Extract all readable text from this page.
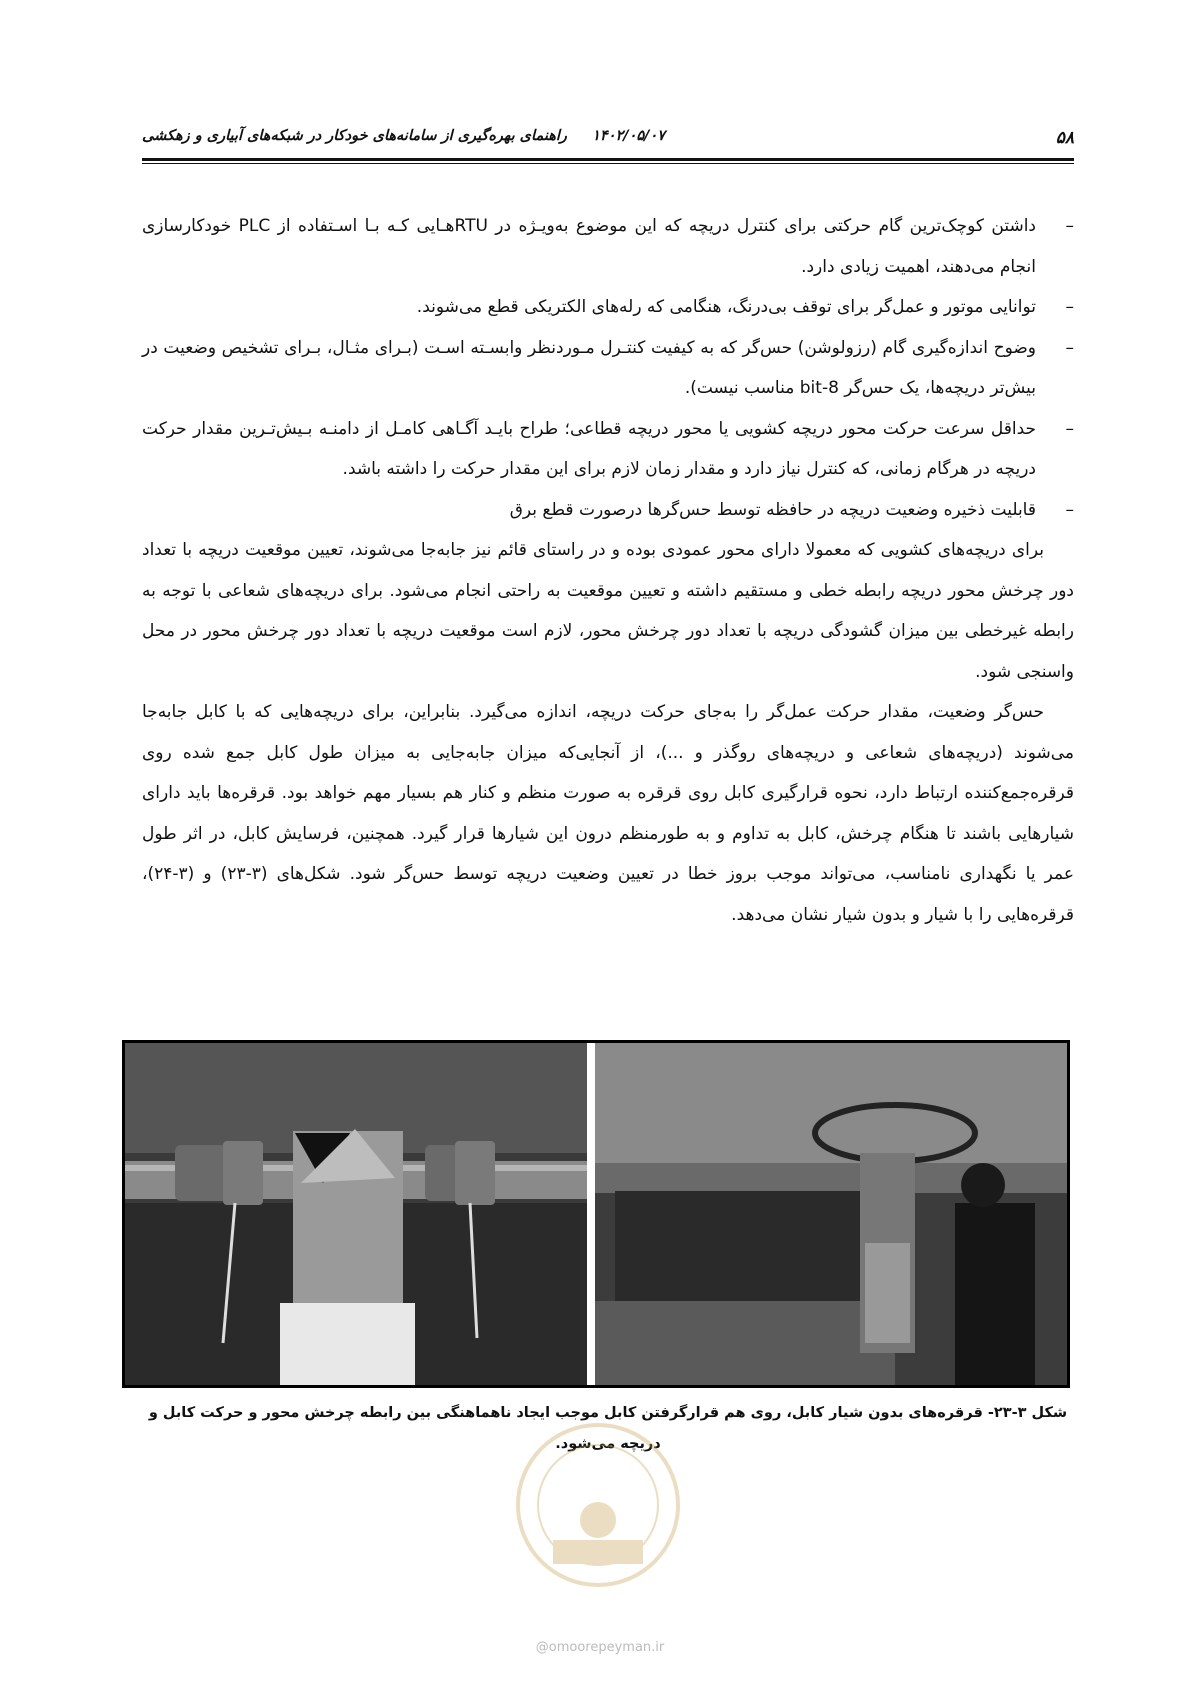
۵۸
۱۴۰۲/۰۵/۰۷     راهنمای بهره‌گیری از سامانه‌های خودکار در شبکه‌های آبیاری و زهکشی

–
داشتن کوچک‌ترین گام حرکتی برای کنترل دریچه که این موضوع به‌ویـژه در RTUهـایی کـه بـا اسـتفاده از PLC خودکارسازی انجام می‌دهند، اهمیت زیادی دارد.

–
توانایی موتور و عمل‌گر برای توقف بی‌درنگ، هنگامی که رله‌های الکتریکی قطع می‌شوند.

–
وضوح اندازه‌گیری گام (رزولوشن) حس‌گر که به کیفیت کنتـرل مـوردنظر وابسـته اسـت (بـرای مثـال، بـرای تشخیص وضعیت در بیش‌تر دریچه‌ها، یک حس‌گر 8-bit مناسب نیست).

–
حداقل سرعت حرکت محور دریچه کشویی یا محور دریچه قطاعی؛ طراح بایـد آگـاهی کامـل از دامنـه بـیش‌تـرین مقدار حرکت دریچه در هرگام زمانی، که کنترل نیاز دارد و مقدار زمان لازم برای این مقدار حرکت را داشته باشد.

–
قابلیت ذخیره وضعیت دریچه در حافظه توسط حس‌گرها درصورت قطع برق

برای دریچه‌های کشویی که معمولا دارای محور عمودی بوده و در راستای قائم نیز جابه‌جا می‌شوند، تعیین موقعیت دریچه با تعداد دور چرخش محور دریچه رابطه خطی و مستقیم داشته و تعیین موقعیت به راحتی انجام می‌شود. برای دریچه‌های شعاعی با توجه به رابطه غیرخطی بین میزان گشودگی دریچه با تعداد دور چرخش محور، لازم است موقعیت دریچه با تعداد دور چرخش محور در محل واسنجی شود.

حس‌گر وضعیت، مقدار حرکت عمل‌گر را به‌جای حرکت دریچه، اندازه می‌گیرد. بنابراین، برای دریچه‌هایی که با کابل جابه‌جا می‌شوند (دریچه‌های شعاعی و دریچه‌های روگذر و ...)، از آنجایی‌که میزان جابه‌جایی به میزان طول کابل جمع شده روی قرقره‌جمع‌کننده ارتباط دارد، نحوه قرارگیری کابل روی قرقره به صورت منظم و کنار هم بسیار مهم خواهد بود. قرقره‌ها باید دارای شیارهایی باشند تا هنگام چرخش، کابل به تداوم و به طورمنظم درون این شیارها قرار گیرد. همچنین، فرسایش کابل، در اثر طول عمر یا نگهداری نامناسب، می‌تواند موجب بروز خطا در تعیین وضعیت دریچه توسط حس‌گر شود. شکل‌های (۳-۲۳) و (۳-۲۴)، قرقره‌هایی را با شیار و بدون شیار نشان می‌دهد.

شکل ۳-۲۳- قرقره‌های بدون شیار کابل، روی هم قرارگرفتن کابل موجب ایجاد ناهماهنگی بین رابطه چرخش محور و حرکت کابل و دریچه می‌شود.
@omoorepeyman.ir
